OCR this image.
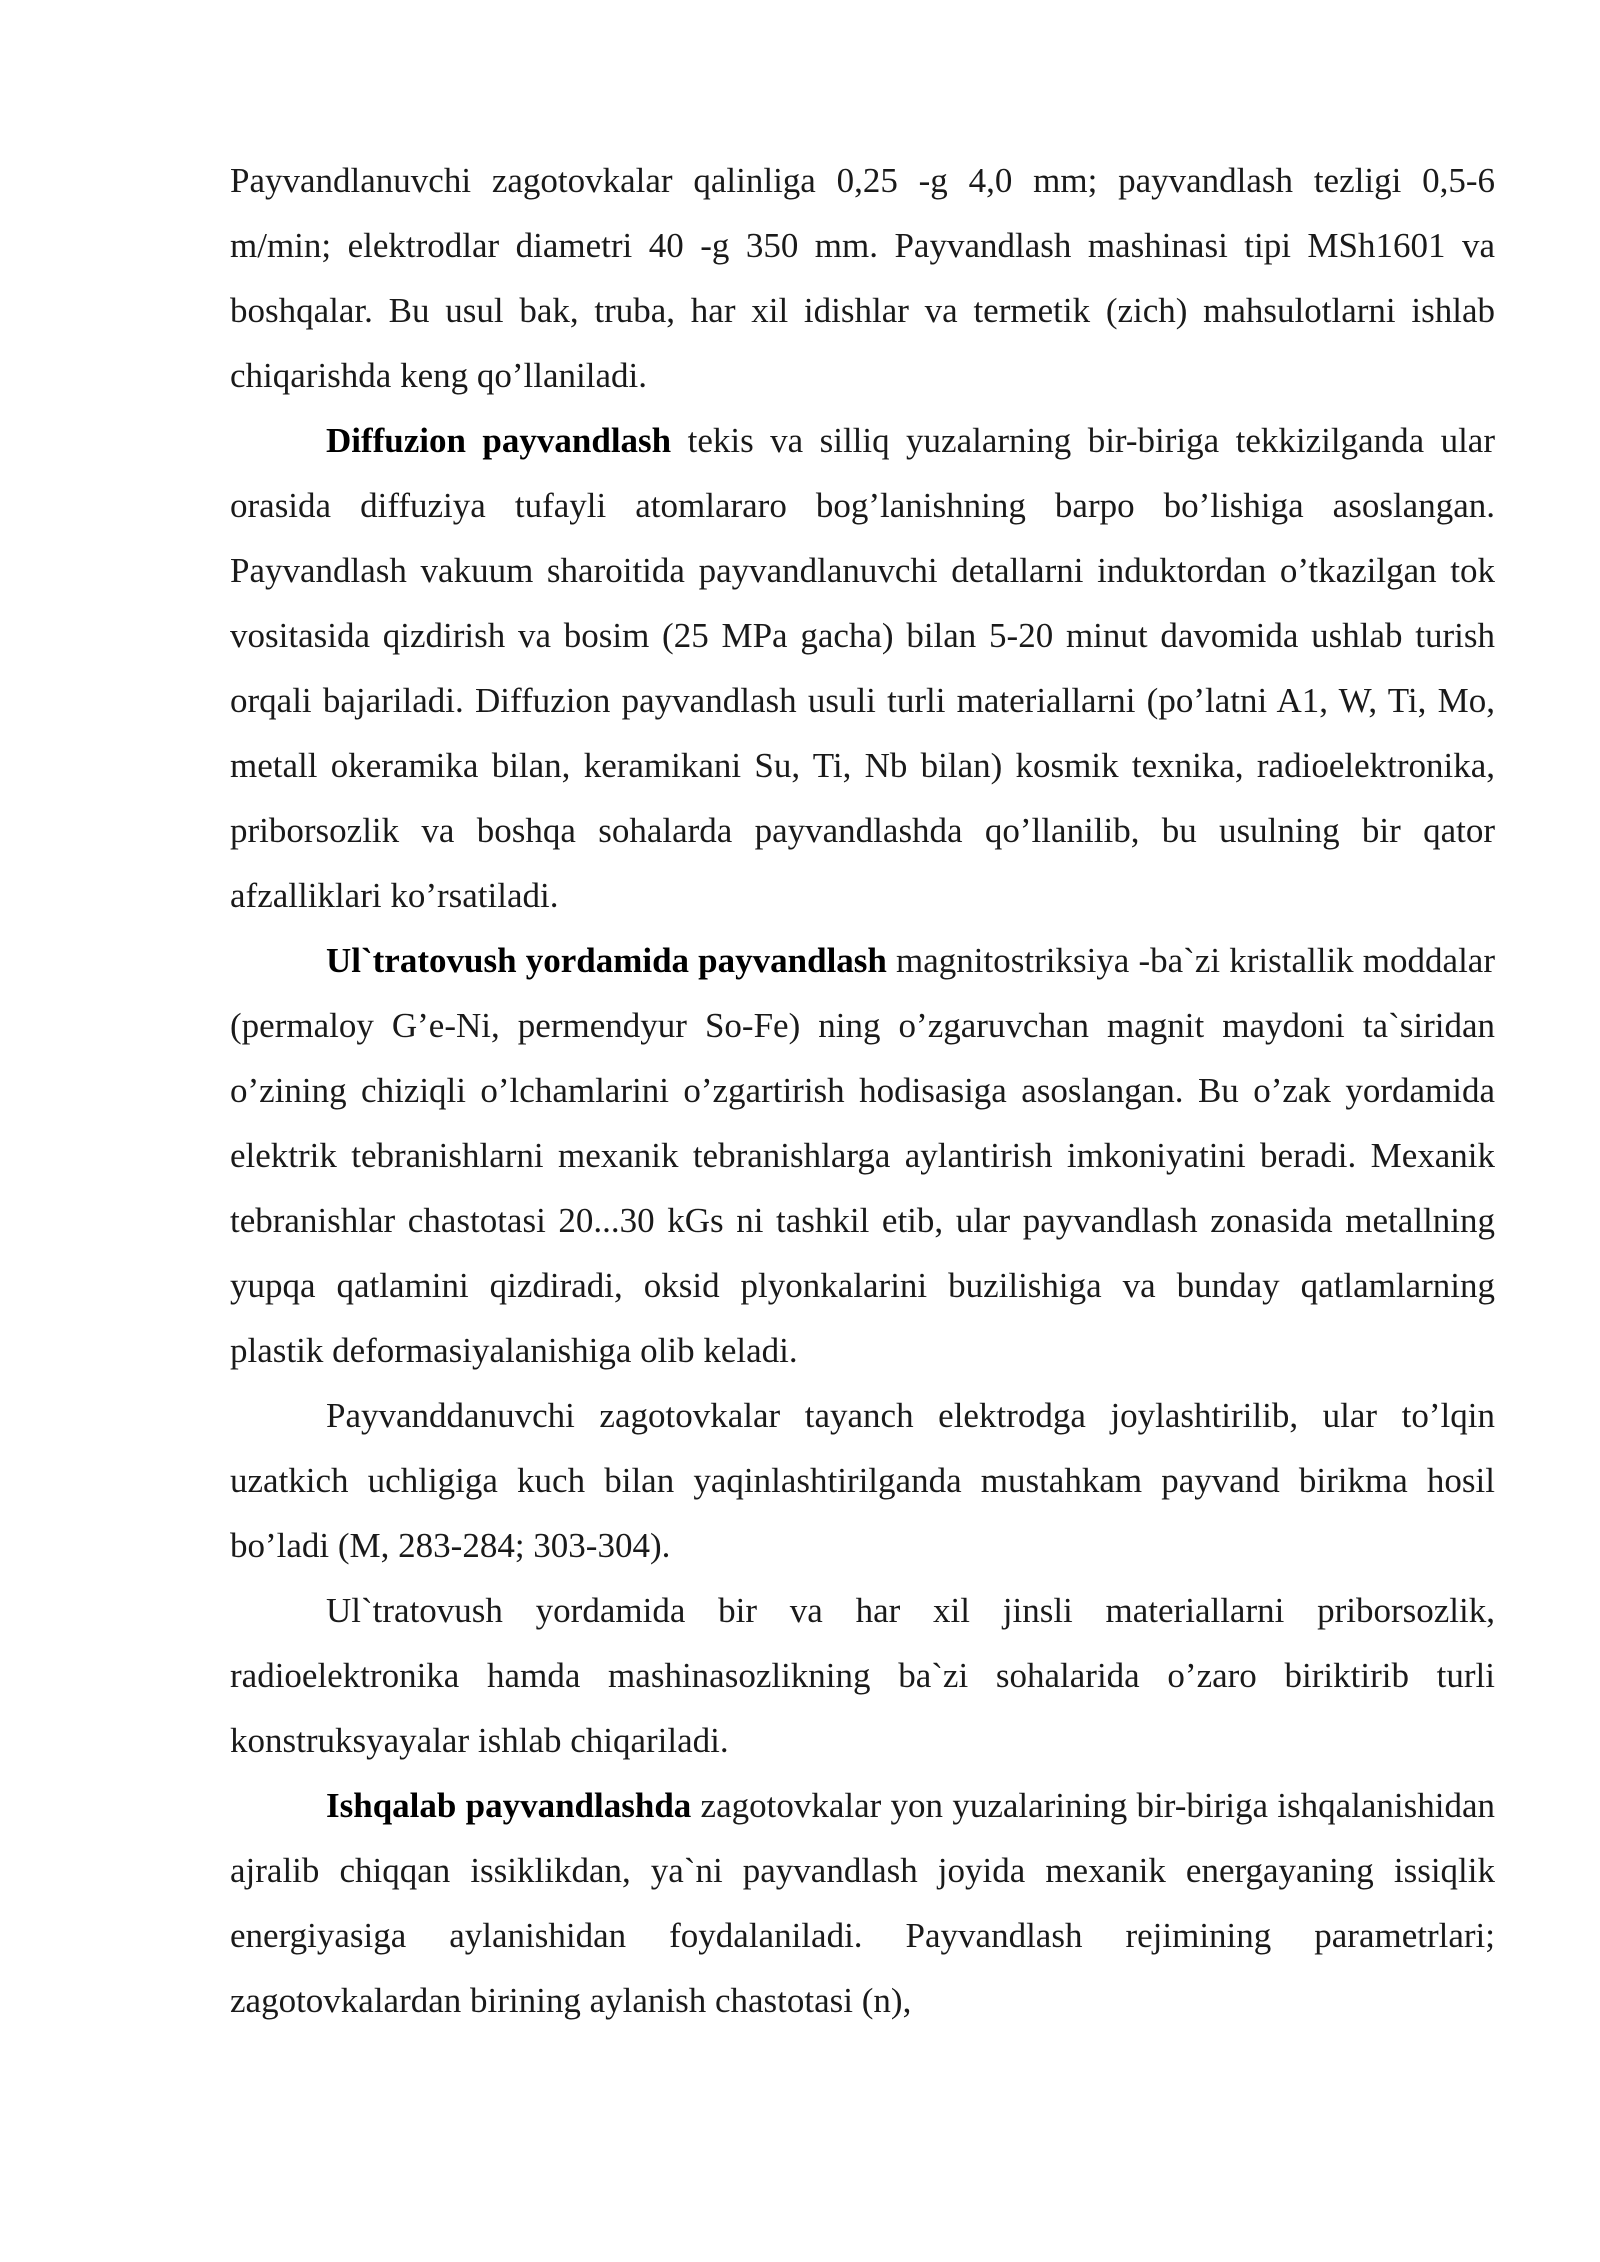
Payvandlanuvchi zagotovkalar qalinliga 0,25 -g 4,0 mm; payvandlash tezligi 0,5-6 m/min; elektrodlar diametri 40 -g 350 mm. Payvandlash mashinasi tipi MSh1601 va boshqalar. Bu usul bak, truba, har xil idishlar va termetik (zich) mahsulotlarni ishlab chiqarishda keng qo’llaniladi.

Diffuzion payvandlash tekis va silliq yuzalarning bir-biriga tekkizilganda ular orasida diffuziya tufayli atomlararo bog’lanishning barpo bo’lishiga asoslangan. Payvandlash vakuum sharoitida payvandlanuvchi detallarni induktordan o’tkazilgan tok vositasida qizdirish va bosim (25 MPa gacha) bilan 5-20 minut davomida ushlab turish orqali bajariladi. Diffuzion payvandlash usuli turli materiallarni (po’latni A1, W, Ti, Mo, metall okeramika bilan, keramikani Su, Ti, Nb bilan) kosmik texnika, radioelektronika, priborsozlik va boshqa sohalarda payvandlashda qo’llanilib, bu usulning bir qator afzalliklari ko’rsatiladi.

Ul`tratovush yordamida payvandlash magnitostriksiya -ba`zi kristallik moddalar (permaloy G’e-Ni, permendyur So-Fe) ning o’zgaruvchan magnit maydoni ta`siridan o’zining chiziqli o’lchamlarini o’zgartirish hodisasiga asoslangan. Bu o’zak yordamida elektrik tebranishlarni mexanik tebranishlarga aylantirish imkoniyatini beradi. Mexanik tebranishlar chastotasi 20...30 kGs ni tashkil etib, ular payvandlash zonasida metallning yupqa qatlamini qizdiradi, oksid plyonkalarini buzilishiga va bunday qatlamlarning plastik deformasiyalanishiga olib keladi.

Payvanddanuvchi zagotovkalar tayanch elektrodga joylashtirilib, ular to’lqin uzatkich uchligiga kuch bilan yaqinlashtirilganda mustahkam payvand birikma hosil bo’ladi (M, 283-284; 303-304).

Ul`tratovush yordamida bir va har xil jinsli materiallarni priborsozlik, radioelektronika hamda mashinasozlikning ba`zi sohalarida o’zaro biriktirib turli konstruksyayalar ishlab chiqariladi.

Ishqalab payvandlashda zagotovkalar yon yuzalarining bir-biriga ishqalanishidan ajralib chiqqan issiklikdan, ya`ni payvandlash joyida mexanik energayaning issiqlik energiyasiga aylanishidan foydalaniladi. Payvandlash rejimining parametrlari; zagotovkalardan birining aylanish chastotasi (n),
